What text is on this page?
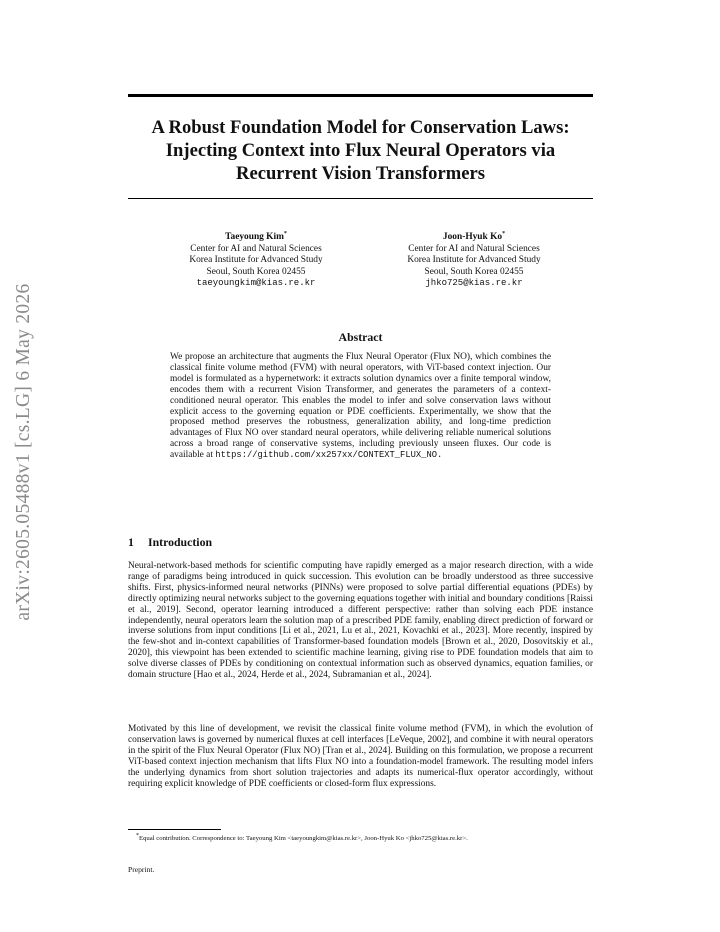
arXiv:2605.05488v1 [cs.LG] 6 May 2026
A Robust Foundation Model for Conservation Laws:
Injecting Context into Flux Neural Operators via
Recurrent Vision Transformers
Taeyoung Kim*
Center for AI and Natural Sciences
Korea Institute for Advanced Study
Seoul, South Korea 02455
taeyoungkim@kias.re.kr
Joon-Hyuk Ko*
Center for AI and Natural Sciences
Korea Institute for Advanced Study
Seoul, South Korea 02455
jhko725@kias.re.kr
Abstract
We propose an architecture that augments the Flux Neural Operator (Flux NO), which combines the classical finite volume method (FVM) with neural operators, with ViT-based context injection. Our model is formulated as a hypernetwork: it extracts solution dynamics over a finite temporal window, encodes them with a recurrent Vision Transformer, and generates the parameters of a context-conditioned neural operator. This enables the model to infer and solve conservation laws without explicit access to the governing equation or PDE coefficients. Experimentally, we show that the proposed method preserves the robustness, generalization ability, and long-time prediction advantages of Flux NO over standard neural operators, while delivering reliable numerical solutions across a broad range of conservative systems, including previously unseen fluxes. Our code is available at https://github.com/xx257xx/CONTEXT_FLUX_NO.
1 Introduction
Neural-network-based methods for scientific computing have rapidly emerged as a major research direction, with a wide range of paradigms being introduced in quick succession. This evolution can be broadly understood as three successive shifts. First, physics-informed neural networks (PINNs) were proposed to solve partial differential equations (PDEs) by directly optimizing neural networks subject to the governing equations together with initial and boundary conditions [Raissi et al., 2019]. Second, operator learning introduced a different perspective: rather than solving each PDE instance independently, neural operators learn the solution map of a prescribed PDE family, enabling direct prediction of forward or inverse solutions from input conditions [Li et al., 2021, Lu et al., 2021, Kovachki et al., 2023]. More recently, inspired by the few-shot and in-context capabilities of Transformer-based foundation models [Brown et al., 2020, Dosovitskiy et al., 2020], this viewpoint has been extended to scientific machine learning, giving rise to PDE foundation models that aim to solve diverse classes of PDEs by conditioning on contextual information such as observed dynamics, equation families, or domain structure [Hao et al., 2024, Herde et al., 2024, Subramanian et al., 2024].
Motivated by this line of development, we revisit the classical finite volume method (FVM), in which the evolution of conservation laws is governed by numerical fluxes at cell interfaces [LeVeque, 2002], and combine it with neural operators in the spirit of the Flux Neural Operator (Flux NO) [Tran et al., 2024]. Building on this formulation, we propose a recurrent ViT-based context injection mechanism that lifts Flux NO into a foundation-model framework. The resulting model infers the underlying dynamics from short solution trajectories and adapts its numerical-flux operator accordingly, without requiring explicit knowledge of PDE coefficients or closed-form flux expressions.
*Equal contribution. Correspondence to: Taeyoung Kim <taeyoungkim@kias.re.kr>, Joon-Hyuk Ko <jhko725@kias.re.kr>.
Preprint.
